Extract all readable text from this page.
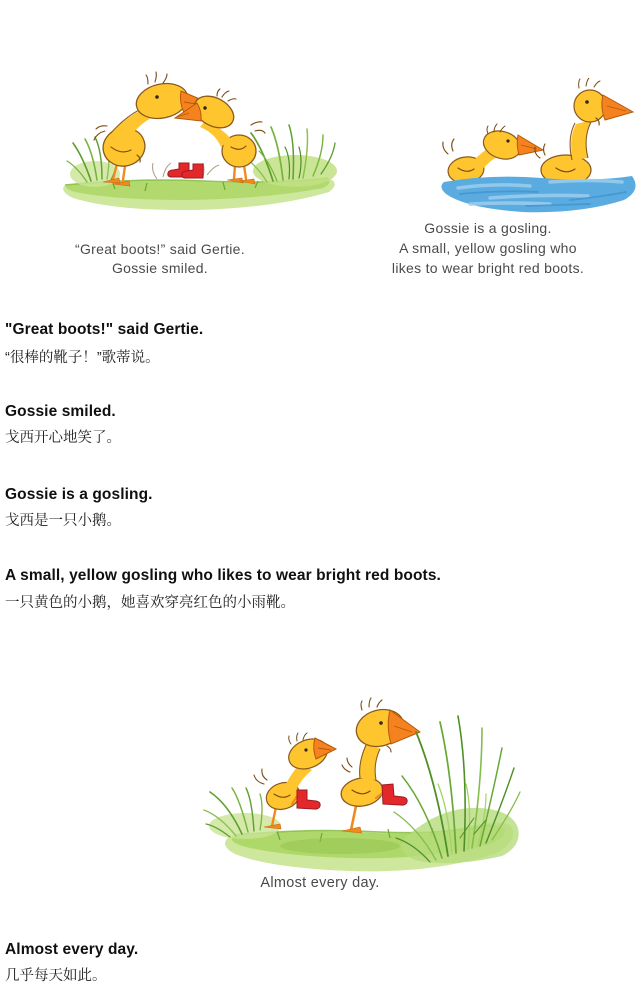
“Great boots!” said Gertie.
Gossie smiled.
Gossie is a gosling.
A small, yellow gosling who
likes to wear bright red boots.
"Great boots!" said Gertie.
“很棒的靴子！”歌蒂说。
Gossie smiled.
戈西开心地笑了。
Gossie is a gosling.
戈西是一只小鹅。
A small, yellow gosling who likes to wear bright red boots.
一只黄色的小鹅，她喜欢穿亮红色的小雨靴。
Almost every day.
Almost every day.
几乎每天如此。
